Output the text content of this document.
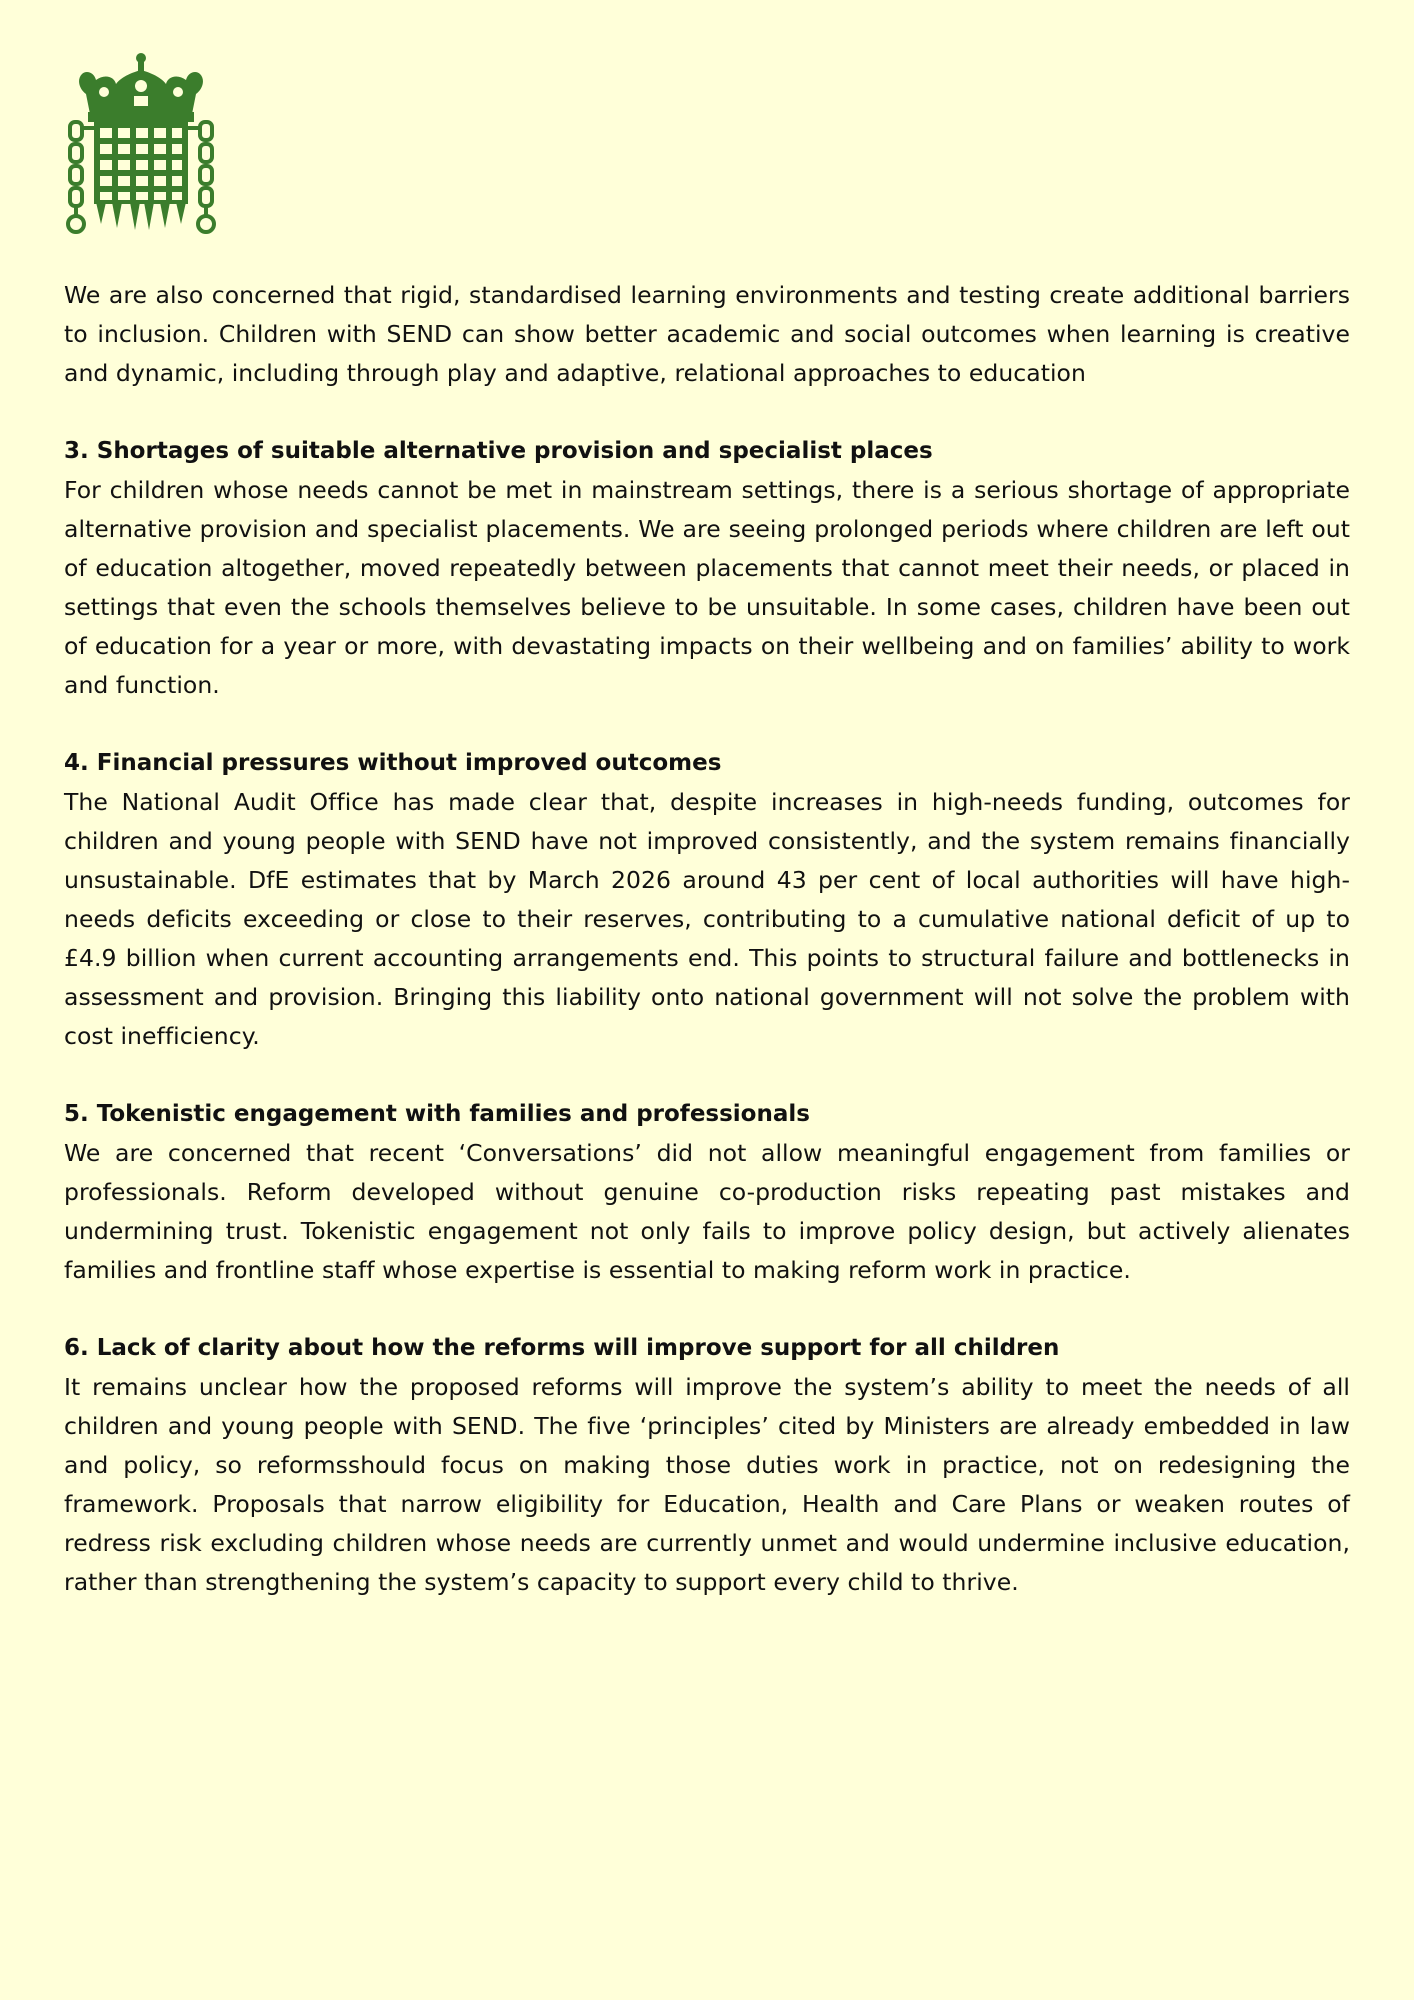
We are also concerned that rigid, standardised learning environments and testing create additional barriers to inclusion. Children with SEND can show better academic and social outcomes when learning is creative and dynamic, including through play and adaptive, relational approaches to education

3. Shortages of suitable alternative provision and specialist places

For children whose needs cannot be met in mainstream settings, there is a serious shortage of appropriate alternative provision and specialist placements. We are seeing prolonged periods where children are left out of education altogether, moved repeatedly between placements that cannot meet their needs, or placed in settings that even the schools themselves believe to be unsuitable. In some cases, children have been out of education for a year or more, with devastating impacts on their wellbeing and on families’ ability to work and function.

4. Financial pressures without improved outcomes

The National Audit Office has made clear that, despite increases in high-needs funding, outcomes for children and young people with SEND have not improved consistently, and the system remains financially unsustainable. DfE estimates that by March 2026 around 43 per cent of local authorities will have high-needs deficits exceeding or close to their reserves, contributing to a cumulative national deficit of up to £4.9 billion when current accounting arrangements end. This points to structural failure and bottlenecks in assessment and provision. Bringing this liability onto national government will not solve the problem with cost inefficiency.

5. Tokenistic engagement with families and professionals

We are concerned that recent ‘Conversations’ did not allow meaningful engagement from families or professionals. Reform developed without genuine co-production risks repeating past mistakes and undermining trust. Tokenistic engagement not only fails to improve policy design, but actively alienates families and frontline staff whose expertise is essential to making reform work in practice.

6. Lack of clarity about how the reforms will improve support for all children

It remains unclear how the proposed reforms will improve the system’s ability to meet the needs of all children and young people with SEND. The five ‘principles’ cited by Ministers are already embedded in law and policy, so reformsshould focus on making those duties work in practice, not on redesigning the framework. Proposals that narrow eligibility for Education, Health and Care Plans or weaken routes of redress risk excluding children whose needs are currently unmet and would undermine inclusive education, rather than strengthening the system’s capacity to support every child to thrive.
